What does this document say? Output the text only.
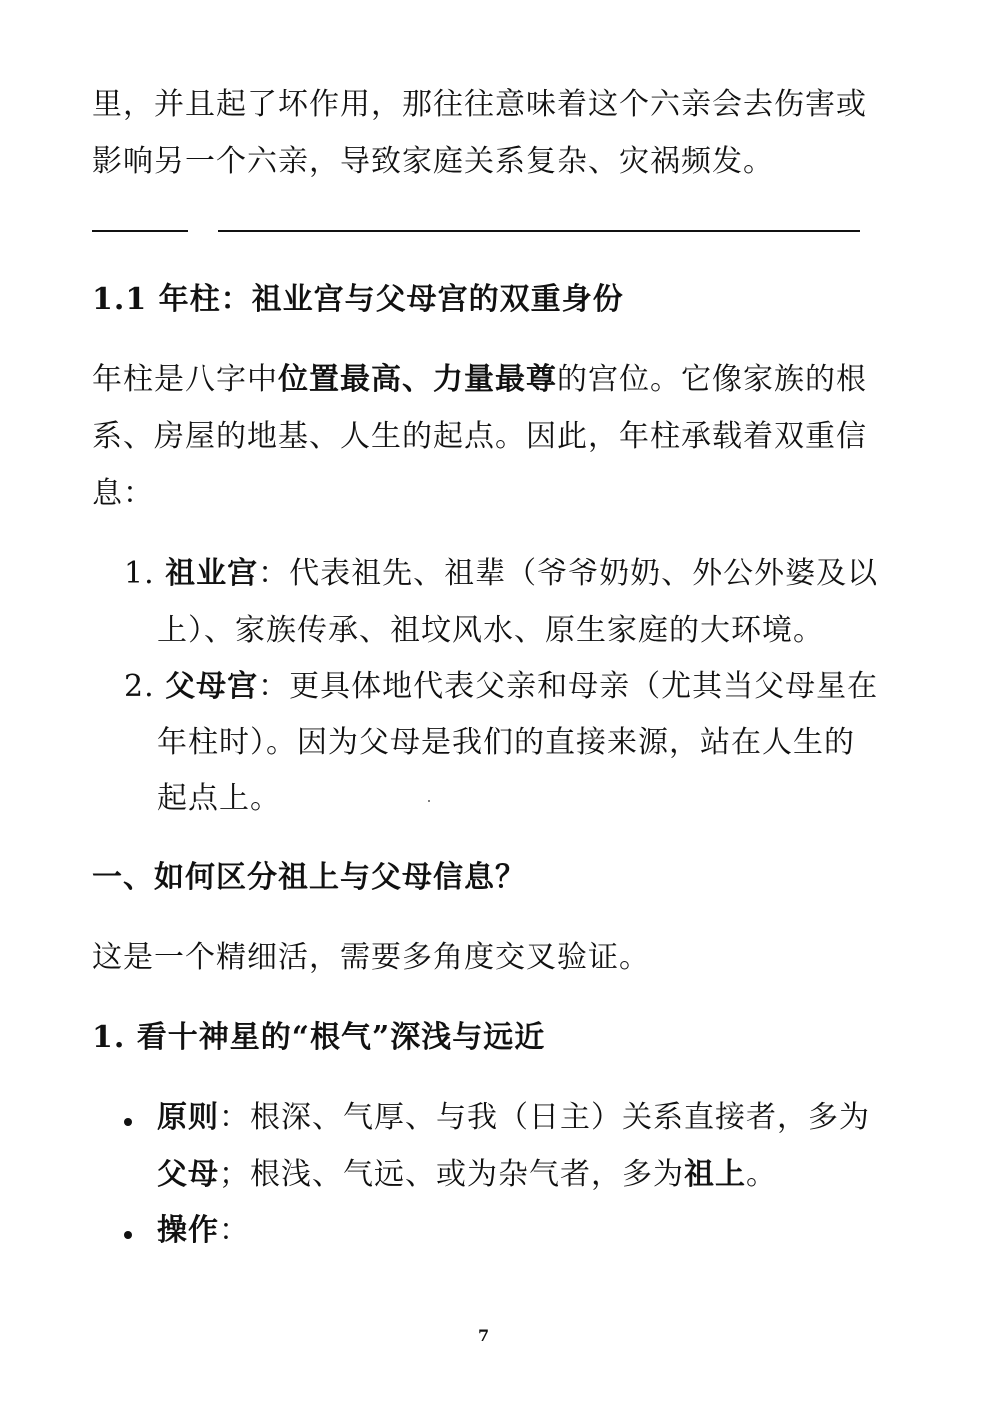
里，并且起了坏作用，那往往意味着这个六亲会去伤害或
影响另一个六亲，导致家庭关系复杂、灾祸频发。
1.1 年柱：祖业宫与父母宫的双重身份
年柱是八字中位置最高、力量最尊的宫位。它像家族的根
系、房屋的地基、人生的起点。因此，年柱承载着双重信
息：
1. 祖业宫：代表祖先、祖辈（爷爷奶奶、外公外婆及以
上）、家族传承、祖坟风水、原生家庭的大环境。
2. 父母宫：更具体地代表父亲和母亲（尤其当父母星在
年柱时）。因为父母是我们的直接来源，站在人生的
起点上。
一、如何区分祖上与父母信息？
这是一个精细活，需要多角度交叉验证。
1. 看十神星的“根气”深浅与远近
原则：根深、气厚、与我（日主）关系直接者，多为
父母；根浅、气远、或为杂气者，多为祖上。
操作：
7
